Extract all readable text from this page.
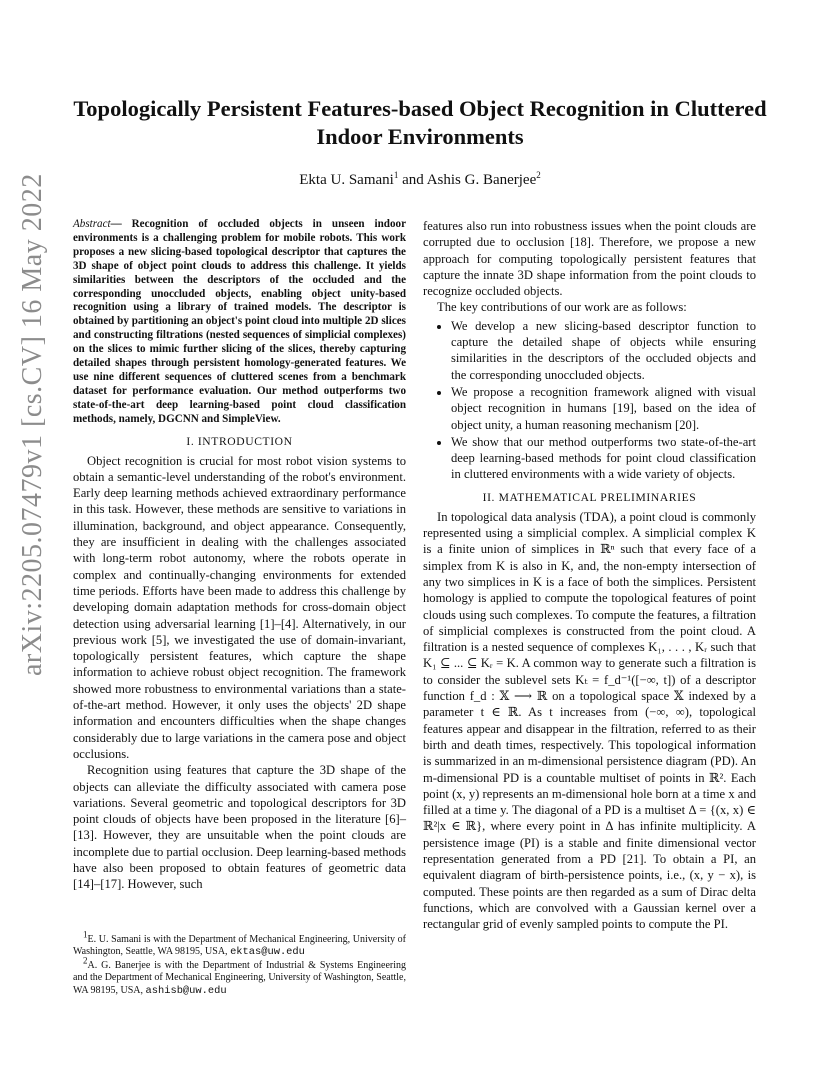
arXiv:2205.07479v1 [cs.CV] 16 May 2022
Topologically Persistent Features-based Object Recognition in Cluttered Indoor Environments
Ekta U. Samani$^1$ and Ashis G. Banerjee$^2$
Abstract— Recognition of occluded objects in unseen indoor environments is a challenging problem for mobile robots. This work proposes a new slicing-based topological descriptor that captures the 3D shape of object point clouds to address this challenge. It yields similarities between the descriptors of the occluded and the corresponding unoccluded objects, enabling object unity-based recognition using a library of trained models. The descriptor is obtained by partitioning an object's point cloud into multiple 2D slices and constructing filtrations (nested sequences of simplicial complexes) on the slices to mimic further slicing of the slices, thereby capturing detailed shapes through persistent homology-generated features. We use nine different sequences of cluttered scenes from a benchmark dataset for performance evaluation. Our method outperforms two state-of-the-art deep learning-based point cloud classification methods, namely, DGCNN and SimpleView.
I. INTRODUCTION

Object recognition is crucial for most robot vision systems to obtain a semantic-level understanding of the robot's environment. Early deep learning methods achieved extraordinary performance in this task. However, these methods are sensitive to variations in illumination, background, and object appearance. Consequently, they are insufficient in dealing with the challenges associated with long-term robot autonomy, where the robots operate in complex and continually-changing environments for extended time periods. Efforts have been made to address this challenge by developing domain adaptation methods for cross-domain object detection using adversarial learning [1]–[4]. Alternatively, in our previous work [5], we investigated the use of domain-invariant, topologically persistent features, which capture the shape information to achieve robust object recognition. The framework showed more robustness to environmental variations than a state-of-the-art method. However, it only uses the objects' 2D shape information and encounters difficulties when the shape changes considerably due to large variations in the camera pose and object occlusions.

Recognition using features that capture the 3D shape of the objects can alleviate the difficulty associated with camera pose variations. Several geometric and topological descriptors for 3D point clouds of objects have been proposed in the literature [6]–[13]. However, they are unsuitable when the point clouds are incomplete due to partial occlusion. Deep learning-based methods have also been proposed to obtain features of geometric data [14]–[17]. However, such

$^1$E. U. Samani is with the Department of Mechanical Engineering, University of Washington, Seattle, WA 98195, USA, ektas@uw.edu

$^2$A. G. Banerjee is with the Department of Industrial & Systems Engineering and the Department of Mechanical Engineering, University of Washington, Seattle, WA 98195, USA, ashisb@uw.edu

features also run into robustness issues when the point clouds are corrupted due to occlusion [18]. Therefore, we propose a new approach for computing topologically persistent features that capture the innate 3D shape information from the point clouds to recognize occluded objects.

The key contributions of our work are as follows:

• We develop a new slicing-based descriptor function to capture the detailed shape of objects while ensuring similarities in the descriptors of the occluded objects and the corresponding unoccluded objects.
• We propose a recognition framework aligned with visual object recognition in humans [19], based on the idea of object unity, a human reasoning mechanism [20].
• We show that our method outperforms two state-of-the-art deep learning-based methods for point cloud classification in cluttered environments with a wide variety of objects.
II. MATHEMATICAL PRELIMINARIES

In topological data analysis (TDA), a point cloud is commonly represented using a simplicial complex. A simplicial complex K is a finite union of simplices in ℝⁿ such that every face of a simplex from K is also in K, and, the non-empty intersection of any two simplices in K is a face of both the simplices. Persistent homology is applied to compute the topological features of point clouds using such complexes. To compute the features, a filtration of simplicial complexes is constructed from the point cloud. A filtration is a nested sequence of complexes K₁, . . . , Kᵣ such that K₁ ⊆ ... ⊆ Kᵣ = K. A common way to generate such a filtration is to consider the sublevel sets Kₜ = f_d⁻¹([−∞, t]) of a descriptor function f_d : 𝕏 ⟶ ℝ on a topological space 𝕏 indexed by a parameter t ∈ ℝ. As t increases from (−∞, ∞), topological features appear and disappear in the filtration, referred to as their birth and death times, respectively. This topological information is summarized in an m-dimensional persistence diagram (PD). An m-dimensional PD is a countable multiset of points in ℝ². Each point (x, y) represents an m-dimensional hole born at a time x and filled at a time y. The diagonal of a PD is a multiset Δ = {(x, x) ∈ ℝ²|x ∈ ℝ}, where every point in Δ has infinite multiplicity. A persistence image (PI) is a stable and finite dimensional vector representation generated from a PD [21]. To obtain a PI, an equivalent diagram of birth-persistence points, i.e., (x, y − x), is computed. These points are then regarded as a sum of Dirac delta functions, which are convolved with a Gaussian kernel over a rectangular grid of evenly sampled points to compute the PI.
